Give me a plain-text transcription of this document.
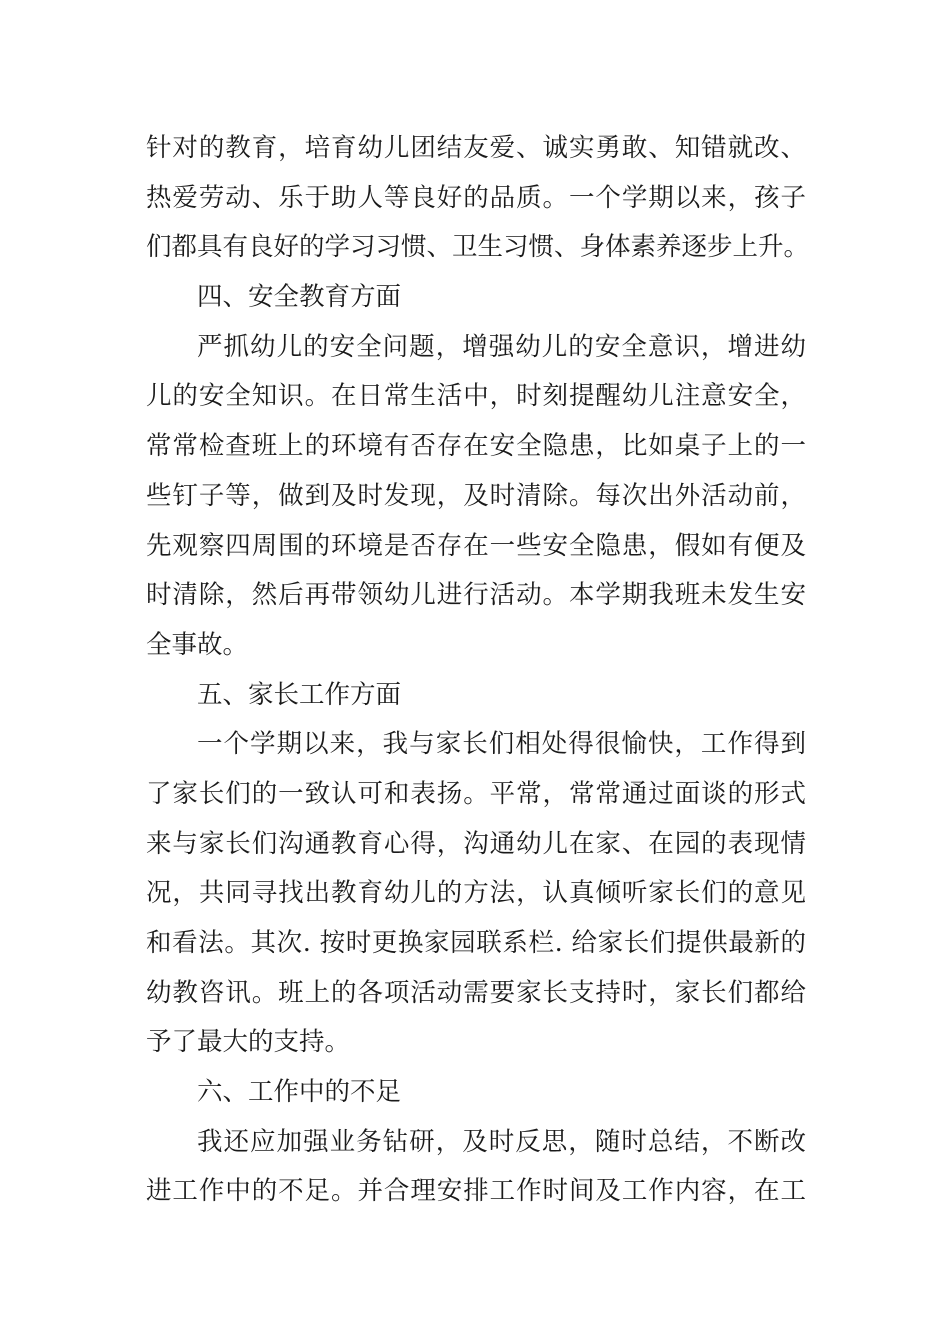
针对的教育，培育幼儿团结友爱、诚实勇敢、知错就改、
热爱劳动、乐于助人等良好的品质。一个学期以来，孩子
们都具有良好的学习习惯、卫生习惯、身体素养逐步上升。
四、安全教育方面
严抓幼儿的安全问题，增强幼儿的安全意识，增进幼
儿的安全知识。在日常生活中，时刻提醒幼儿注意安全，
常常检查班上的环境有否存在安全隐患，比如桌子上的一
些钉子等，做到及时发现，及时清除。每次出外活动前，
先观察四周围的环境是否存在一些安全隐患，假如有便及
时清除，然后再带领幼儿进行活动。本学期我班未发生安
全事故。
五、家长工作方面
一个学期以来，我与家长们相处得很愉快，工作得到
了家长们的一致认可和表扬。平常，常常通过面谈的形式
来与家长们沟通教育心得，沟通幼儿在家、在园的表现情
况，共同寻找出教育幼儿的方法，认真倾听家长们的意见
和看法。其次. 按时更换家园联系栏. 给家长们提供最新的
幼教咨讯。班上的各项活动需要家长支持时，家长们都给
予了最大的支持。
六、工作中的不足
我还应加强业务钻研，及时反思，随时总结，不断改
进工作中的不足。并合理安排工作时间及工作内容，在工
